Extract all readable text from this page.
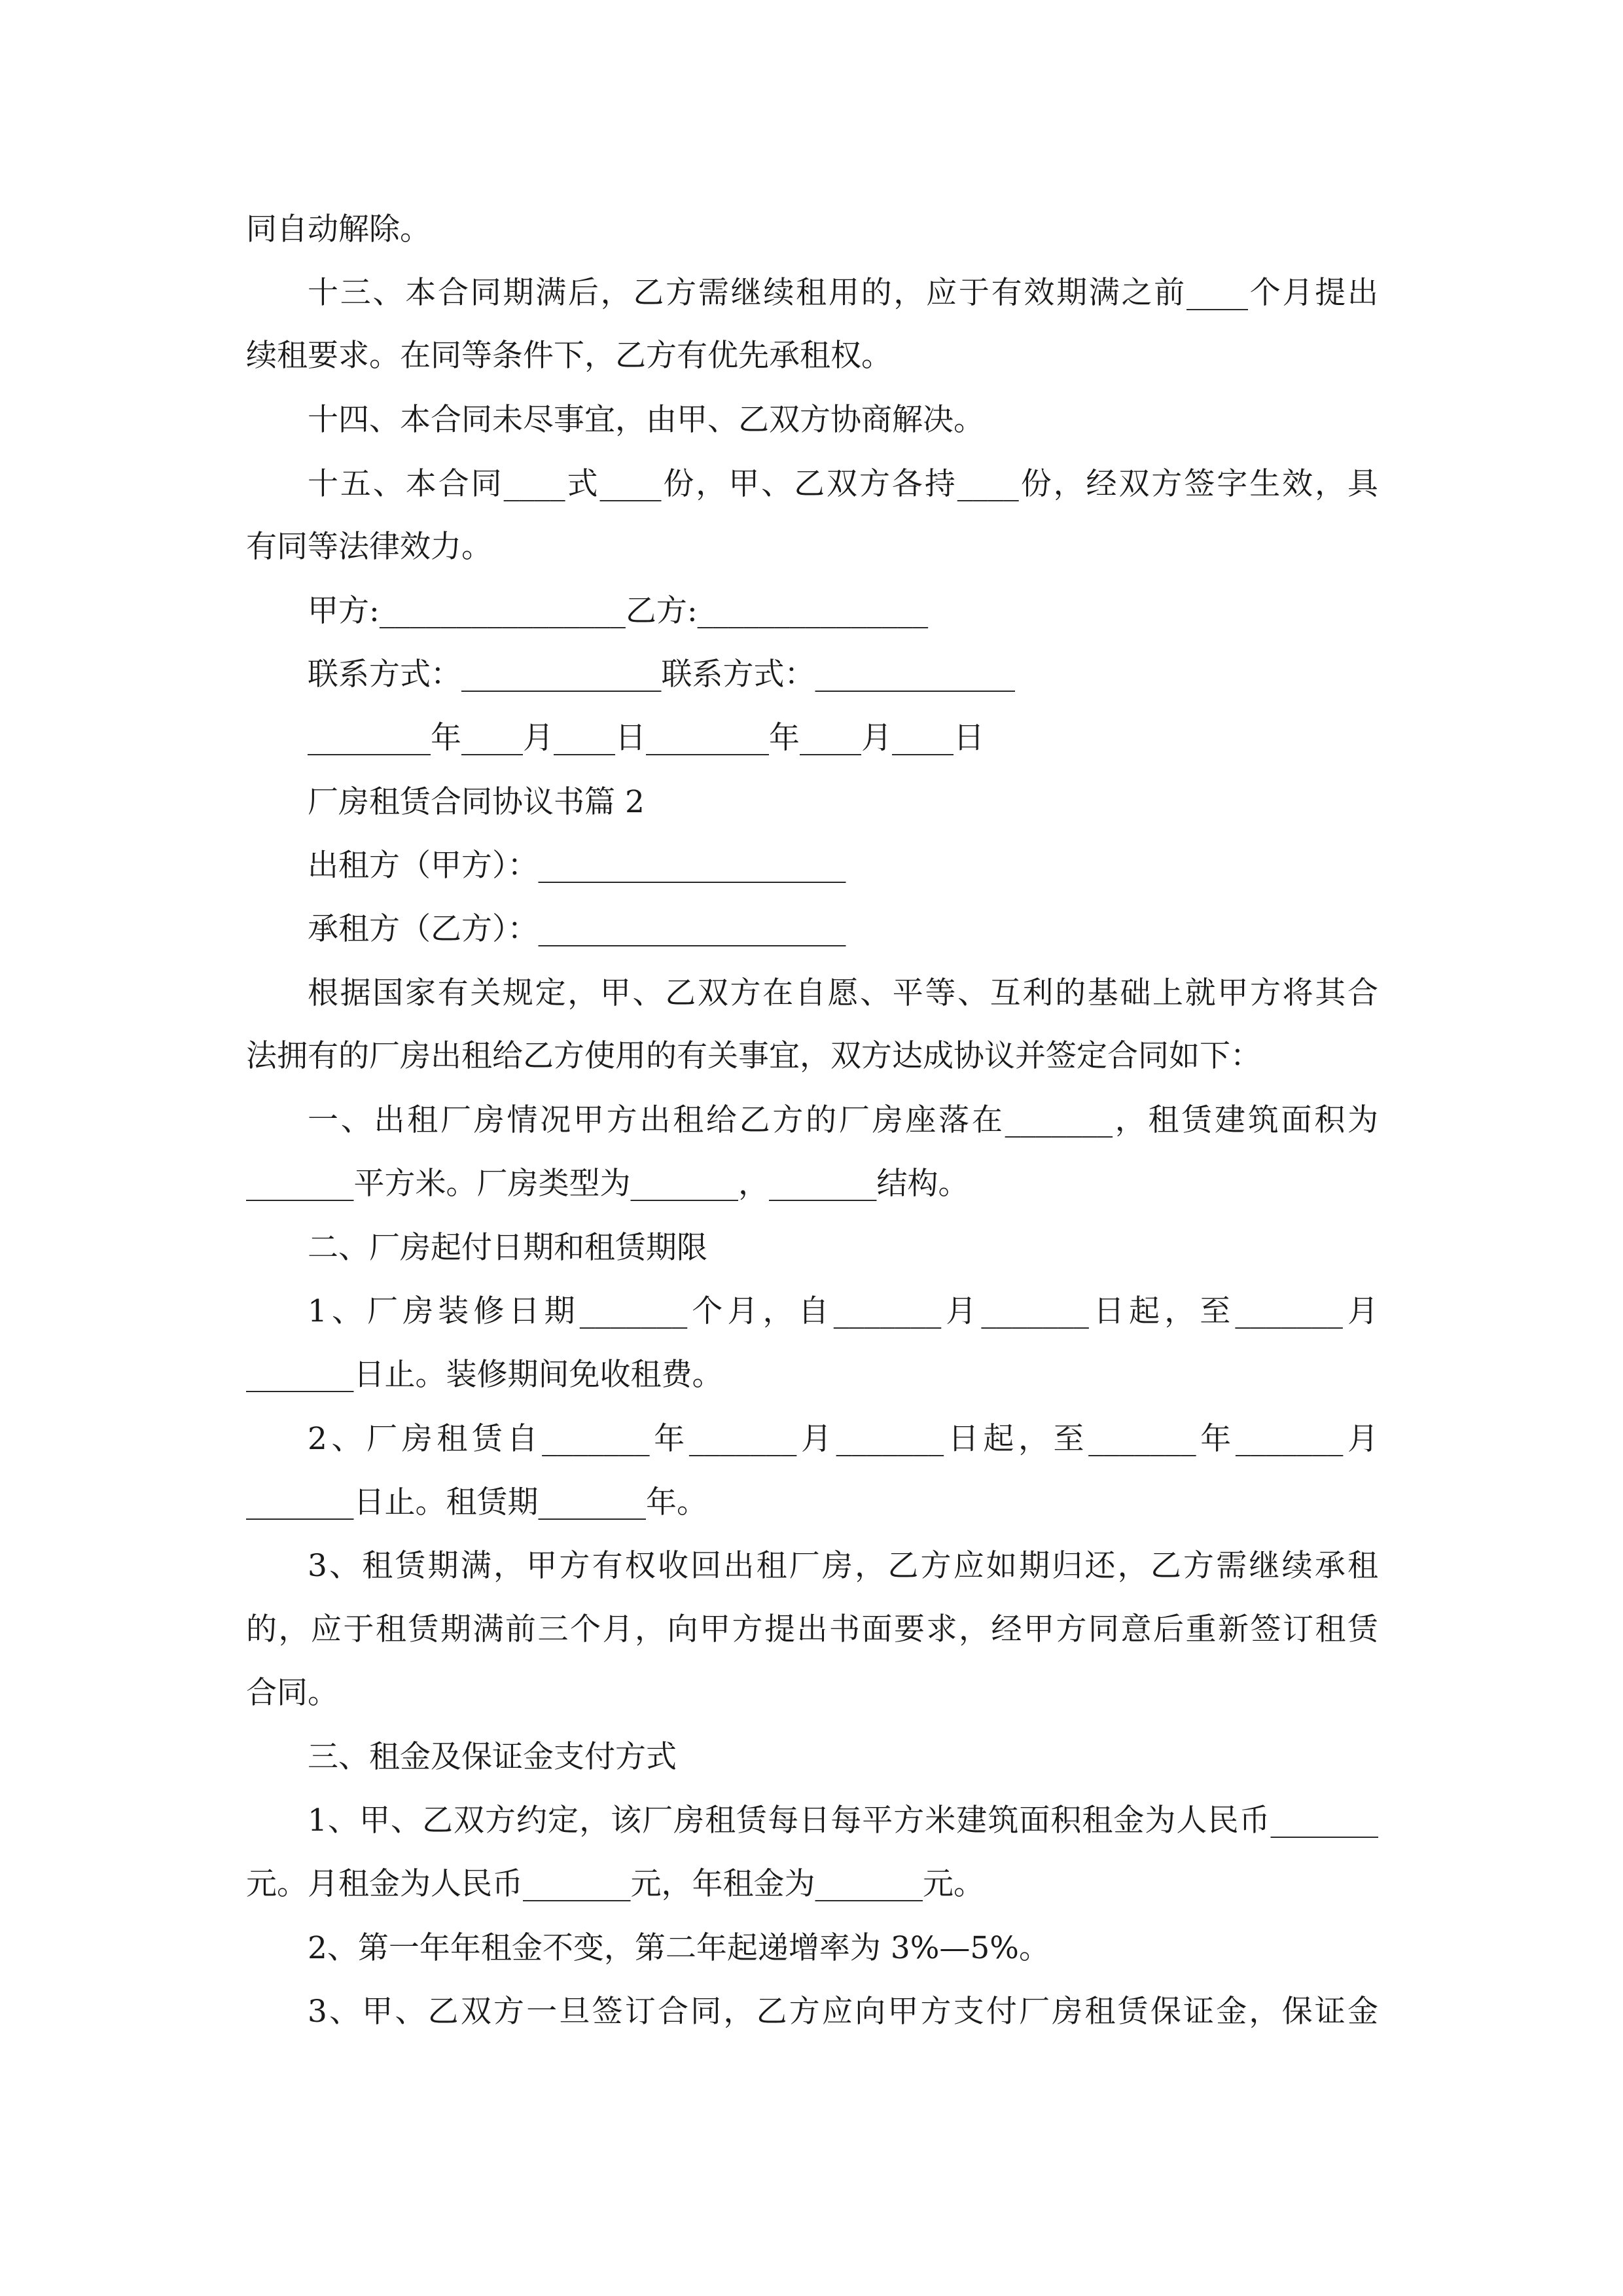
同自动解除。
十三、本合同期满后，乙方需继续租用的，应于有效期满之前____个月提出
续租要求。在同等条件下，乙方有优先承租权。
十四、本合同未尽事宜，由甲、乙双方协商解决。
十五、本合同____式____份，甲、乙双方各持____份，经双方签字生效，具
有同等法律效力。
甲方:________________乙方:_______________
联系方式：_____________联系方式：_____________
________年____月____日________年____月____日
厂房租赁合同协议书篇 2
出租方（甲方）：____________________
承租方（乙方）：____________________
根据国家有关规定，甲、乙双方在自愿、平等、互利的基础上就甲方将其合
法拥有的厂房出租给乙方使用的有关事宜，双方达成协议并签定合同如下：
一、出租厂房情况甲方出租给乙方的厂房座落在_______，租赁建筑面积为
_______平方米。厂房类型为_______，_______结构。
二、厂房起付日期和租赁期限
1、厂房装修日期_______个月，自_______月_______日起，至_______月
_______日止。装修期间免收租费。
2、厂房租赁自_______年_______月_______日起，至_______年_______月
_______日止。租赁期_______年。
3、租赁期满，甲方有权收回出租厂房，乙方应如期归还，乙方需继续承租
的，应于租赁期满前三个月，向甲方提出书面要求，经甲方同意后重新签订租赁
合同。
三、租金及保证金支付方式
1、甲、乙双方约定，该厂房租赁每日每平方米建筑面积租金为人民币_______
元。月租金为人民币_______元，年租金为_______元。
2、第一年年租金不变，第二年起递增率为 3%—5%。
3、甲、乙双方一旦签订合同，乙方应向甲方支付厂房租赁保证金，保证金
